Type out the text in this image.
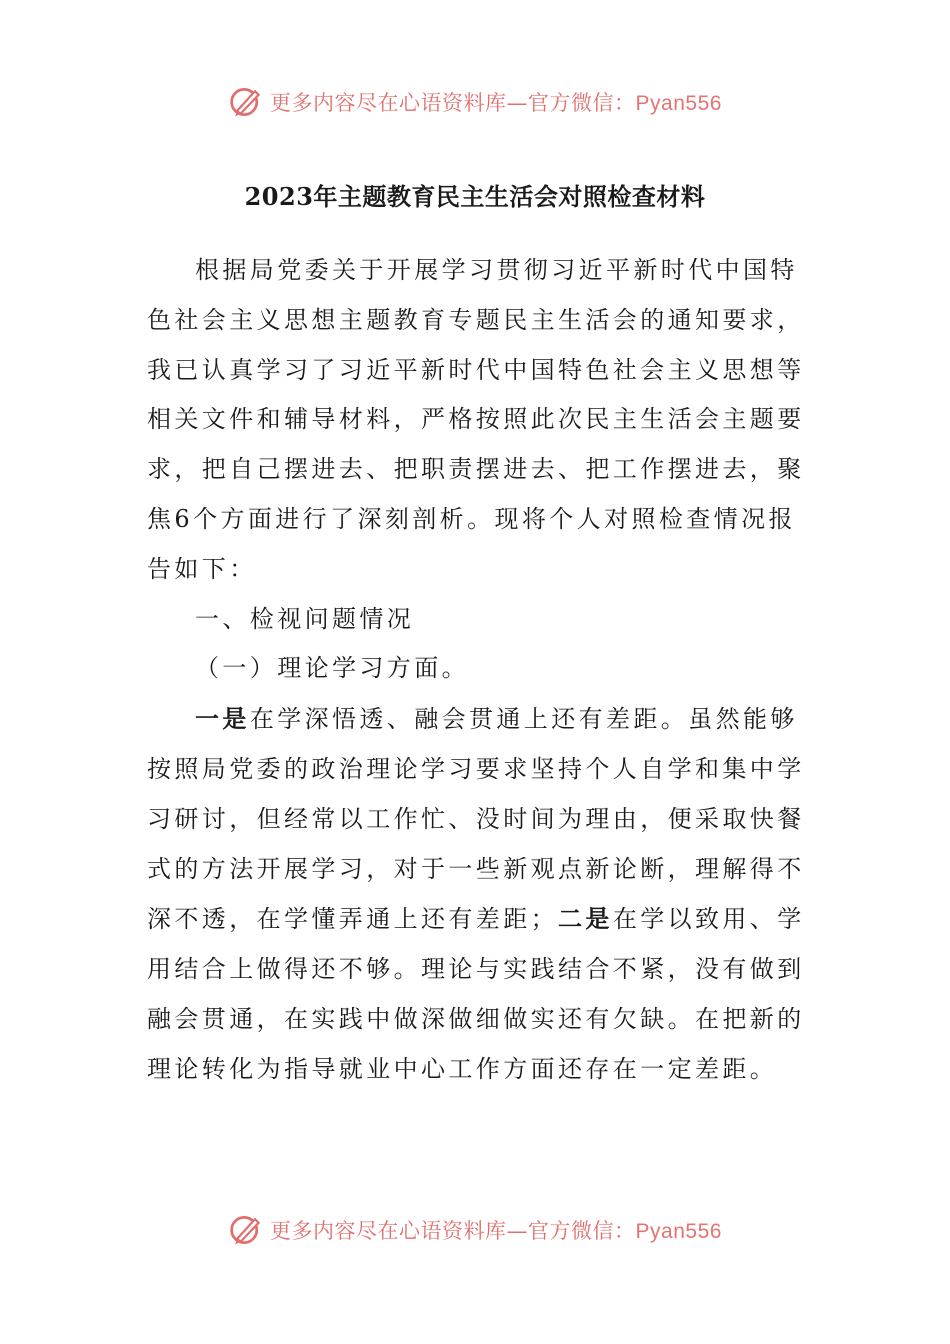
更多内容尽在心语资料库—官方微信：Pyan556
2023年主题教育民主生活会对照检查材料

根据局党委关于开展学习贯彻习近平新时代中国特色社会主义思想主题教育专题民主生活会的通知要求，我已认真学习了习近平新时代中国特色社会主义思想等相关文件和辅导材料，严格按照此次民主生活会主题要求，把自己摆进去、把职责摆进去、把工作摆进去，聚焦6个方面进行了深刻剖析。现将个人对照检查情况报告如下：

一、检视问题情况

（一）理论学习方面。

一是在学深悟透、融会贯通上还有差距。虽然能够按照局党委的政治理论学习要求坚持个人自学和集中学习研讨，但经常以工作忙、没时间为理由，便采取快餐式的方法开展学习，对于一些新观点新论断，理解得不深不透，在学懂弄通上还有差距；二是在学以致用、学用结合上做得还不够。理论与实践结合不紧，没有做到融会贯通，在实践中做深做细做实还有欠缺。在把新的理论转化为指导就业中心工作方面还存在一定差距。

更多内容尽在心语资料库—官方微信：Pyan556
